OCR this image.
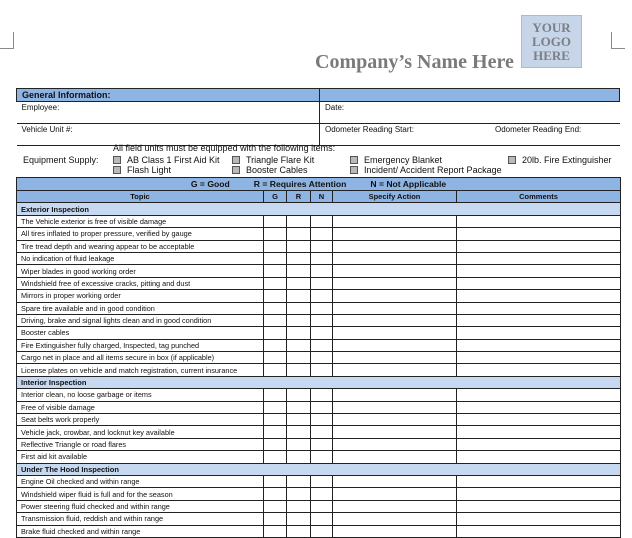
Company’s Name Here
YOUR
LOGO
HERE
General Information:		
Employee:	Date:	
Vehicle Unit #:	Odometer Reading Start:	Odometer Reading End:
All field units must be equipped with the following items:
Equipment Supply:	AB Class 1 First Aid Kit	Triangle Flare Kit	Emergency Blanket	20lb. Fire Extinguisher
Flash Light	Booster Cables	Incident/ Accident Report Package
G = Good R = Requires Attention N = Not Applicable					

Topic	G	R	N	Specify Action	Comments
Exterior Inspection					
The Vehicle exterior is free of visible damage					
All tires inflated to proper pressure, verified by gauge					
Tire tread depth and wearing appear to be acceptable					
No indication of fluid leakage					
Wiper blades in good working order					
Windshield free of excessive cracks, pitting and dust					
Mirrors in proper working order					
Spare tire available and in good condition					
Driving, brake and signal lights clean and in good condition					
Booster cables					
Fire Extinguisher fully charged, Inspected, tag punched					
Cargo net in place and all items secure in box (if applicable)					
License plates on vehicle and match registration, current insurance					
Interior Inspection					
Interior clean, no loose garbage or items					
Free of visible damage					
Seat belts work properly					
Vehicle jack, crowbar, and locknut key available					
Reflective Triangle or road flares					
First aid kit available					
Under The Hood Inspection					
Engine Oil checked and within range					
Windshield wiper fluid is full and for the season					
Power steering fluid checked and within range					
Transmission fluid, reddish and within range					
Brake fluid checked and within range					
